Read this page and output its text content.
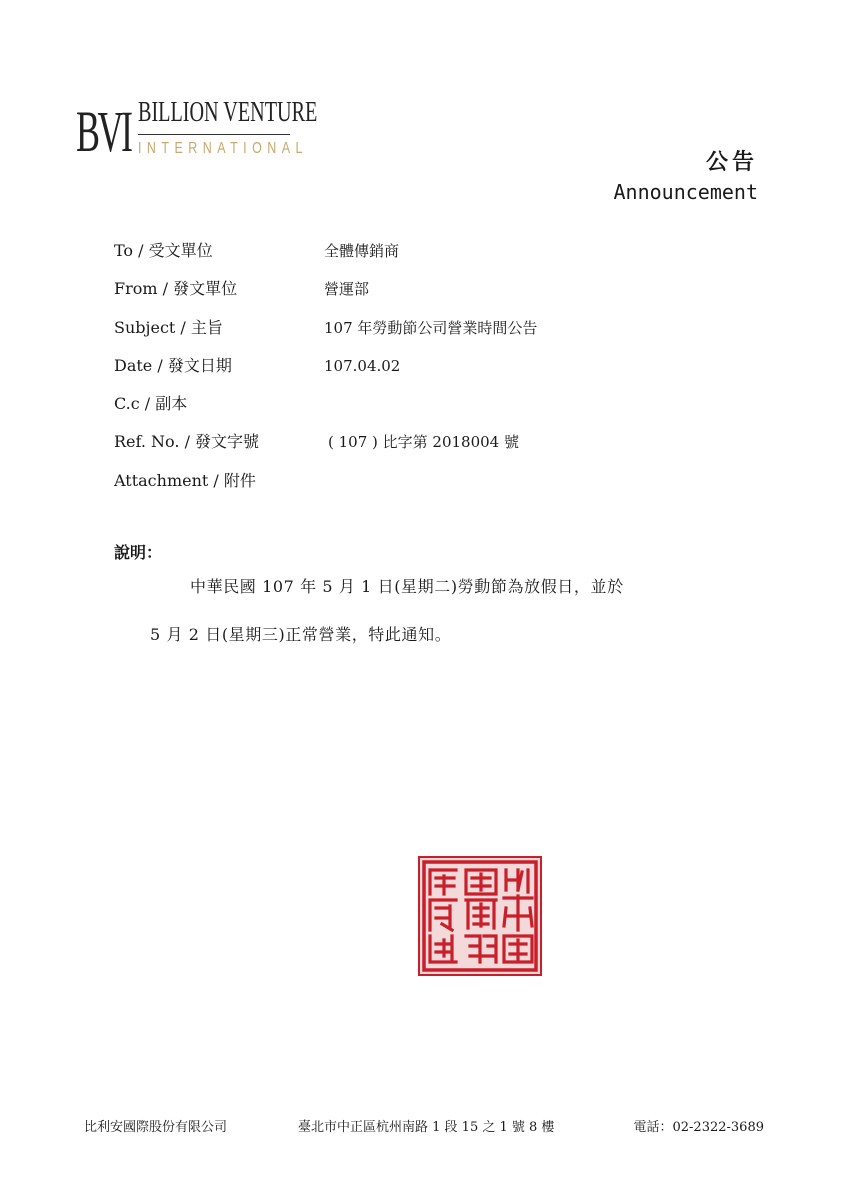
BVI BILLION VENTURE
INTERNATIONAL
公告
Announcement
To / 受文單位	全體傳銷商
From / 發文單位	營運部
Subject / 主旨	107 年勞動節公司營業時間公告
Date / 發文日期	107.04.02
C.c / 副本
Ref. No. / 發文字號	( 107 ) 比字第 2018004 號
Attachment / 附件
說明：
中華民國 107 年 5 月 1 日(星期二)勞動節為放假日，並於
5 月 2 日(星期三)正常營業，特此通知。
比利安國際股份有限公司	臺北市中正區杭州南路 1 段 15 之 1 號 8 樓	電話：02-2322-3689
